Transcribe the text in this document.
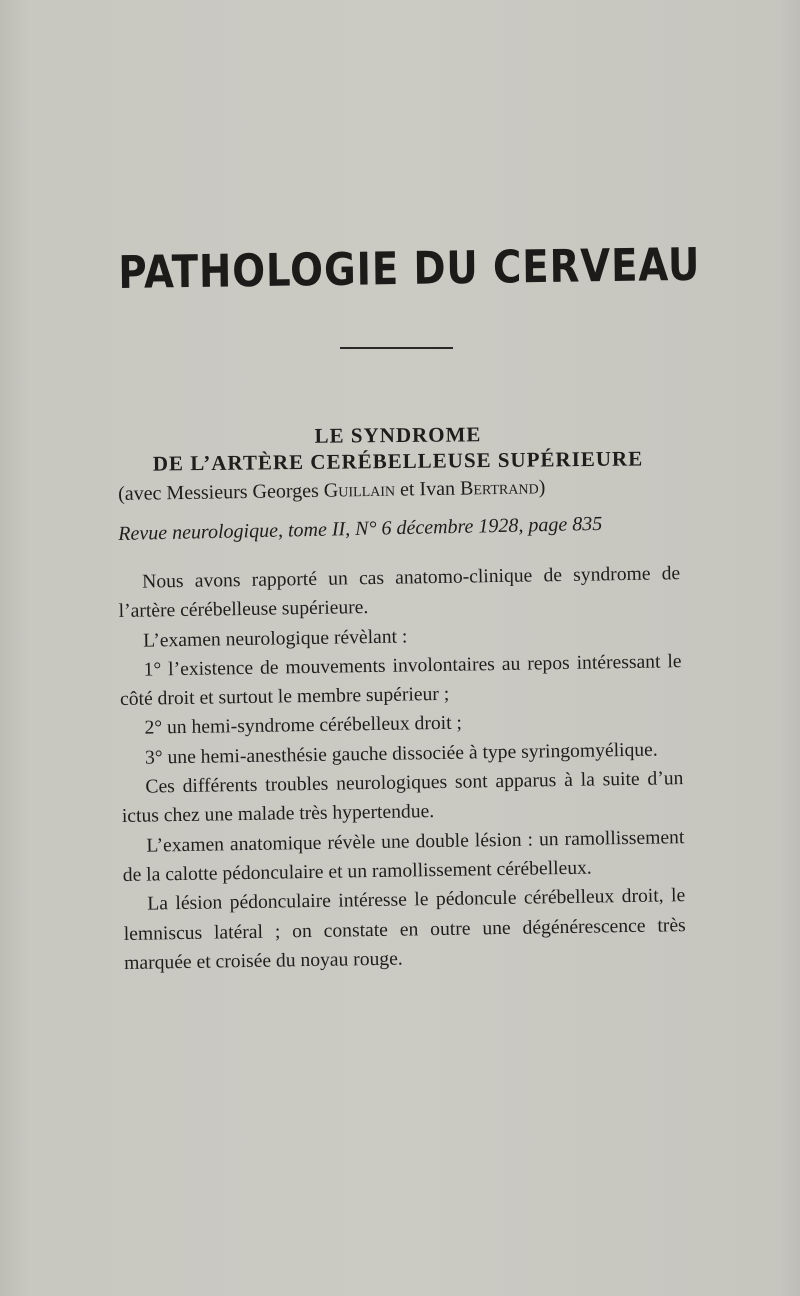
PATHOLOGIE DU CERVEAU
LE SYNDROME
DE L’ARTÈRE CERÉBELLEUSE SUPÉRIEURE
(avec Messieurs Georges Guillain et Ivan Bertrand)
Revue neurologique, tome II, N° 6 décembre 1928, page 835

Nous avons rapporté un cas anatomo-clinique de syndrome de l’artère cérébelleuse supérieure.

L’examen neurologique révèlant :

1° l’existence de mouvements involontaires au repos intéressant le côté droit et surtout le membre supérieur ;

2° un hemi-syndrome cérébelleux droit ;

3° une hemi-anesthésie gauche dissociée à type syringomyélique.

Ces différents troubles neurologiques sont apparus à la suite d’un ictus chez une malade très hypertendue.

L’examen anatomique révèle une double lésion : un ramollissement de la calotte pédonculaire et un ramollissement cérébelleux.

La lésion pédonculaire intéresse le pédoncule cérébelleux droit, le lemniscus latéral ; on constate en outre une dégénérescence très marquée et croisée du noyau rouge.
